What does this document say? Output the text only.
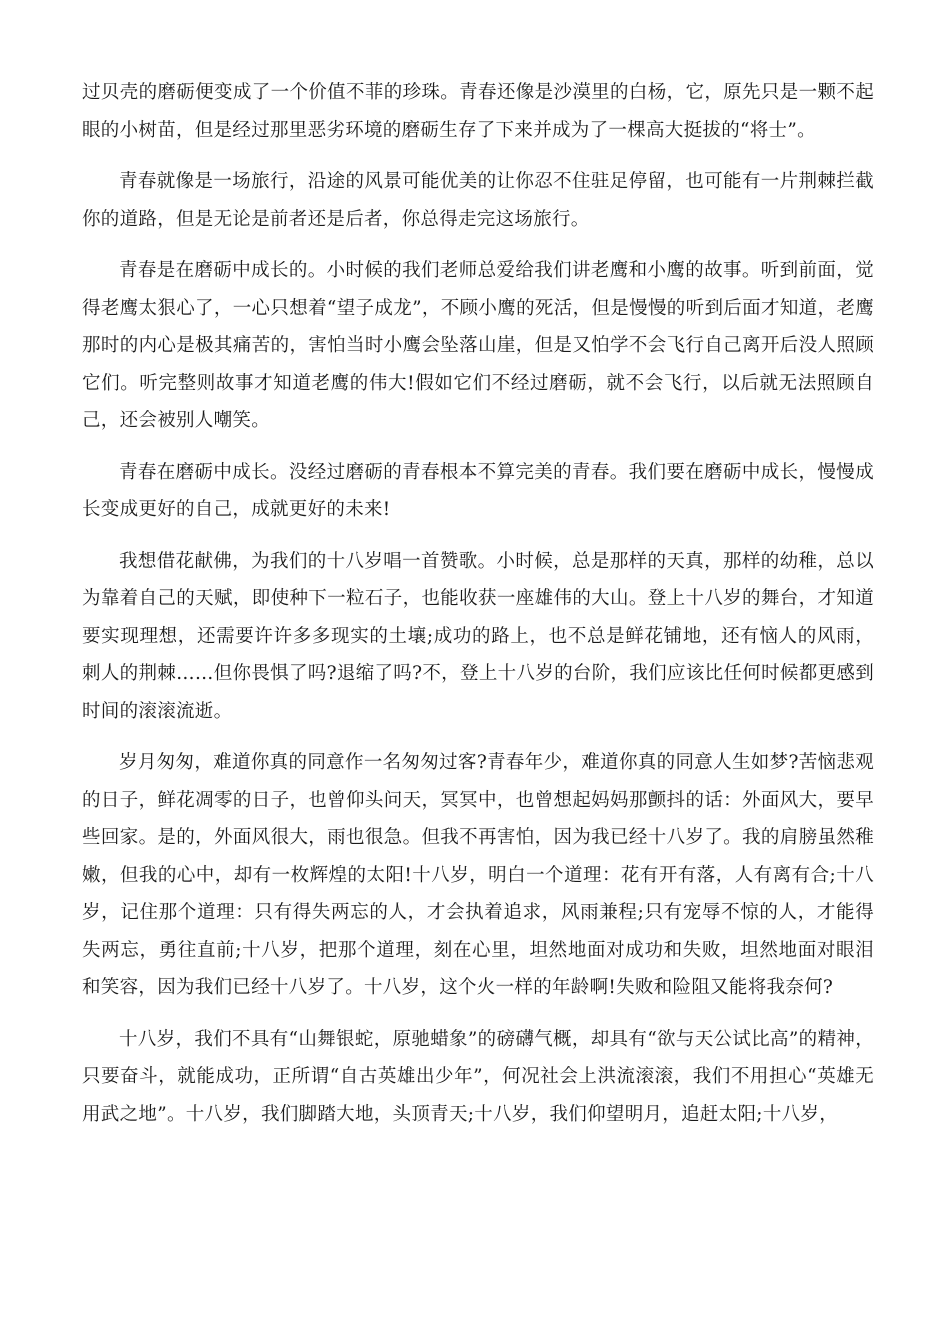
过贝壳的磨砺便变成了一个价值不菲的珍珠。青春还像是沙漠里的白杨，它，原先只是一颗不起眼的小树苗，但是经过那里恶劣环境的磨砺生存了下来并成为了一棵高大挺拔的“将士”。

青春就像是一场旅行，沿途的风景可能优美的让你忍不住驻足停留，也可能有一片荆棘拦截你的道路，但是无论是前者还是后者，你总得走完这场旅行。

青春是在磨砺中成长的。小时候的我们老师总爱给我们讲老鹰和小鹰的故事。听到前面，觉得老鹰太狠心了，一心只想着“望子成龙”，不顾小鹰的死活，但是慢慢的听到后面才知道，老鹰那时的内心是极其痛苦的，害怕当时小鹰会坠落山崖，但是又怕学不会飞行自己离开后没人照顾它们。听完整则故事才知道老鹰的伟大!假如它们不经过磨砺，就不会飞行，以后就无法照顾自己，还会被别人嘲笑。

青春在磨砺中成长。没经过磨砺的青春根本不算完美的青春。我们要在磨砺中成长，慢慢成长变成更好的自己，成就更好的未来!

我想借花献佛，为我们的十八岁唱一首赞歌。小时候，总是那样的天真，那样的幼稚，总以为靠着自己的天赋，即使种下一粒石子，也能收获一座雄伟的大山。登上十八岁的舞台，才知道要实现理想，还需要许许多多现实的土壤;成功的路上，也不总是鲜花铺地，还有恼人的风雨，刺人的荆棘……但你畏惧了吗?退缩了吗?不，登上十八岁的台阶，我们应该比任何时候都更感到时间的滚滚流逝。

岁月匆匆，难道你真的同意作一名匆匆过客?青春年少，难道你真的同意人生如梦?苦恼悲观的日子，鲜花凋零的日子，也曾仰头问天，冥冥中，也曾想起妈妈那颤抖的话：外面风大，要早些回家。是的，外面风很大，雨也很急。但我不再害怕，因为我已经十八岁了。我的肩膀虽然稚嫩，但我的心中，却有一枚辉煌的太阳!十八岁，明白一个道理：花有开有落，人有离有合;十八岁，记住那个道理：只有得失两忘的人，才会执着追求，风雨兼程;只有宠辱不惊的人，才能得失两忘，勇往直前;十八岁，把那个道理，刻在心里，坦然地面对成功和失败，坦然地面对眼泪和笑容，因为我们已经十八岁了。十八岁，这个火一样的年龄啊!失败和险阻又能将我奈何?

十八岁，我们不具有“山舞银蛇，原驰蜡象”的磅礴气概，却具有“欲与天公试比高”的精神，只要奋斗，就能成功，正所谓“自古英雄出少年”，何况社会上洪流滚滚，我们不用担心“英雄无用武之地”。十八岁，我们脚踏大地，头顶青天;十八岁，我们仰望明月，追赶太阳;十八岁，
